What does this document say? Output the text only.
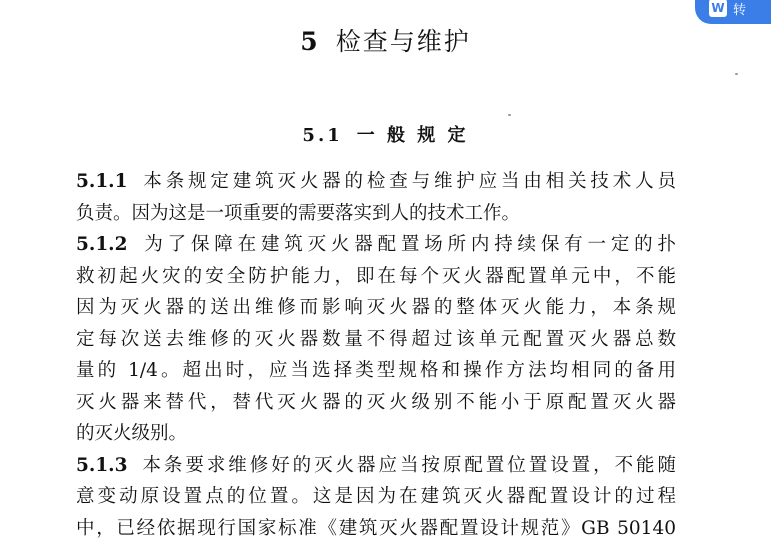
W 转
5 检查与维护
5.1 一 般 规 定
5.1.1 本条规定建筑灭火器的检查与维护应当由相关技术人员
负责。因为这是一项重要的需要落实到人的技术工作。
5.1.2 为了保障在建筑灭火器配置场所内持续保有一定的扑
救初起火灾的安全防护能力，即在每个灭火器配置单元中，不能
因为灭火器的送出维修而影响灭火器的整体灭火能力，本条规
定每次送去维修的灭火器数量不得超过该单元配置灭火器总数
量的 1/4。超出时，应当选择类型规格和操作方法均相同的备用
灭火器来替代，替代灭火器的灭火级别不能小于原配置灭火器
的灭火级别。
5.1.3 本条要求维修好的灭火器应当按原配置位置设置，不能随
意变动原设置点的位置。这是因为在建筑灭火器配置设计的过程
中，已经依据现行国家标准《建筑灭火器配置设计规范》GB 50140
